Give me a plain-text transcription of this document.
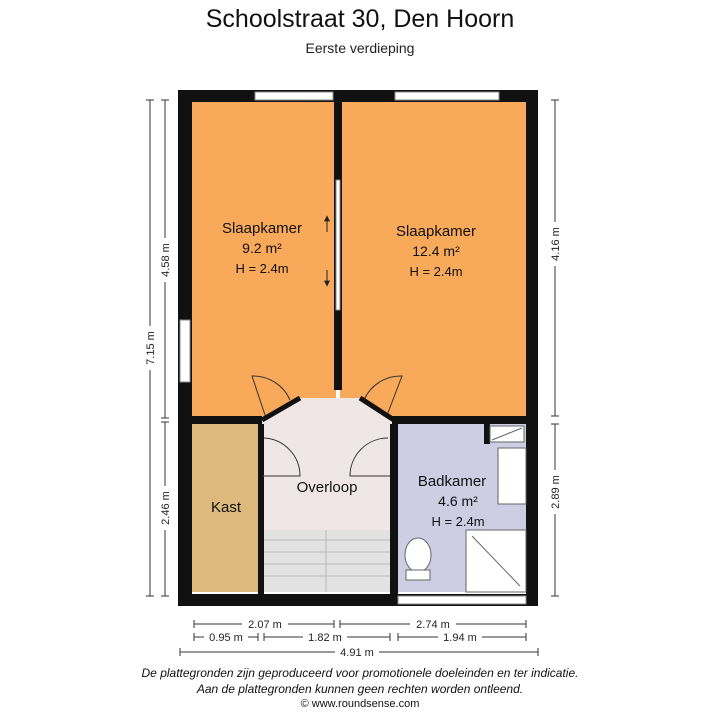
Schoolstraat 30, Den Hoorn
Eerste verdieping
Slaapkamer
9.2 m²
H = 2.4m
Slaapkamer
12.4 m²
H = 2.4m
Overloop
Kast
Badkamer
4.6 m²
H = 2.4m
4.58 m
2.46 m
7.15 m
4.16 m
2.89 m
2.07 m	2.74 m
0.95 m	1.82 m	1.94 m
4.91 m
De plattegronden zijn geproduceerd voor promotionele doeleinden en ter indicatie.
Aan de plattegronden kunnen geen rechten worden ontleend.
© www.roundsense.com
